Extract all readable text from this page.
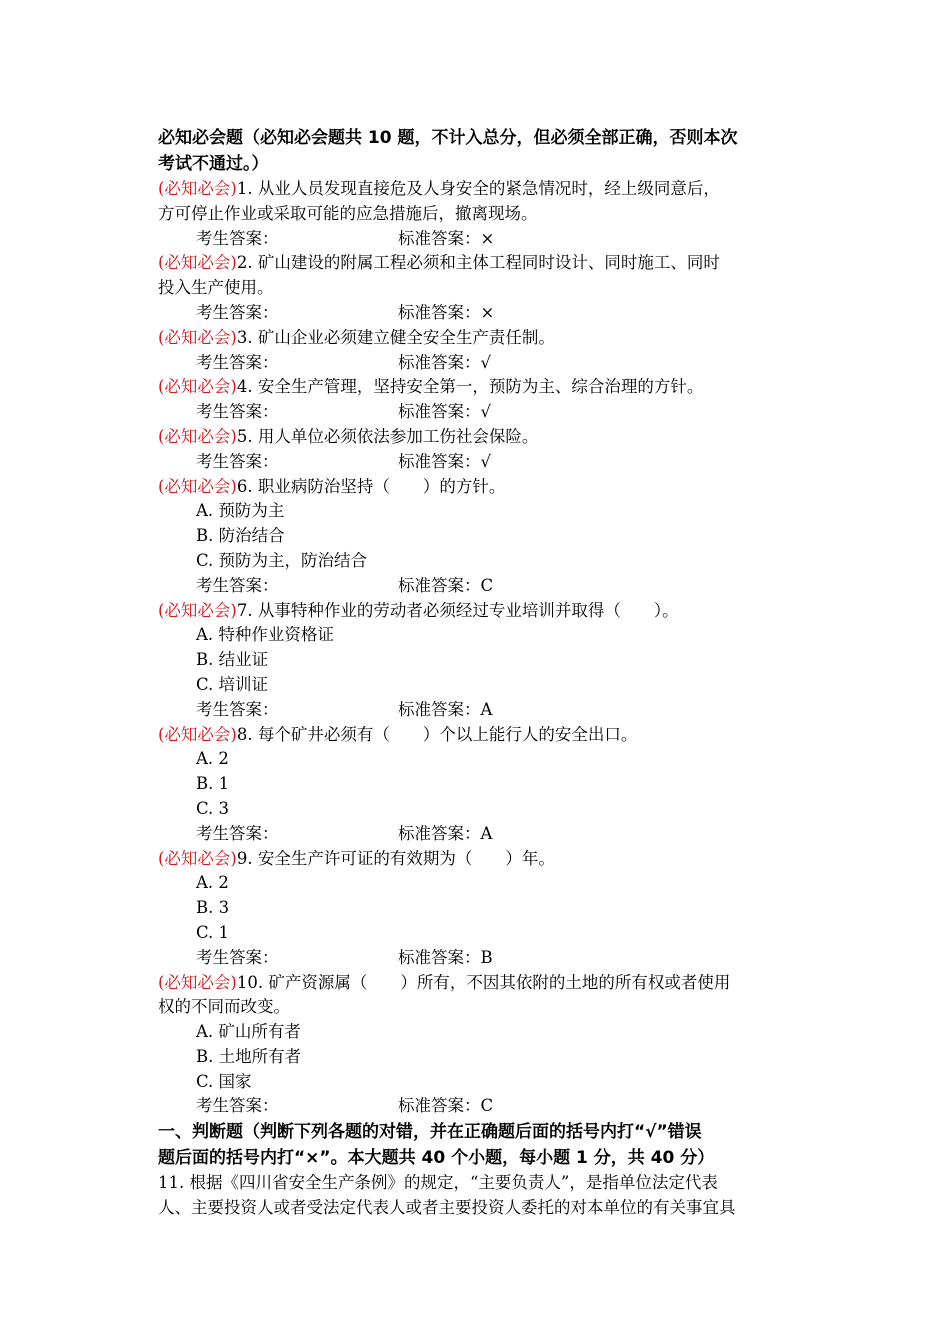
必知必会题（必知必会题共 10 题，不计入总分，但必须全部正确，否则本次
考试不通过。）
(必知必会)1. 从业人员发现直接危及人身安全的紧急情况时，经上级同意后，
方可停止作业或采取可能的应急措施后，撤离现场。
考生答案：	标准答案：×
(必知必会)2. 矿山建设的附属工程必须和主体工程同时设计、同时施工、同时
投入生产使用。
考生答案：	标准答案：×
(必知必会)3. 矿山企业必须建立健全安全生产责任制。
考生答案：	标准答案：√
(必知必会)4. 安全生产管理，坚持安全第一，预防为主、综合治理的方针。
考生答案：	标准答案：√
(必知必会)5. 用人单位必须依法参加工伤社会保险。
考生答案：	标准答案：√
(必知必会)6. 职业病防治坚持（　　）的方针。
A. 预防为主
B. 防治结合
C. 预防为主，防治结合
考生答案：	标准答案：C
(必知必会)7. 从事特种作业的劳动者必须经过专业培训并取得（　　）。
A. 特种作业资格证
B. 结业证
C. 培训证
考生答案：	标准答案：A
(必知必会)8. 每个矿井必须有（　　）个以上能行人的安全出口。
A. 2
B. 1
C. 3
考生答案：	标准答案：A
(必知必会)9. 安全生产许可证的有效期为（　　）年。
A. 2
B. 3
C. 1
考生答案：	标准答案：B
(必知必会)10. 矿产资源属（　　）所有，不因其依附的土地的所有权或者使用
权的不同而改变。
A. 矿山所有者
B. 土地所有者
C. 国家
考生答案：	标准答案：C
一、判断题（判断下列各题的对错，并在正确题后面的括号内打“√”错误
题后面的括号内打“×”。本大题共 40 个小题，每小题 1 分，共 40 分）
11. 根据《四川省安全生产条例》的规定，“主要负责人”，是指单位法定代表
人、主要投资人或者受法定代表人或者主要投资人委托的对本单位的有关事宜具
